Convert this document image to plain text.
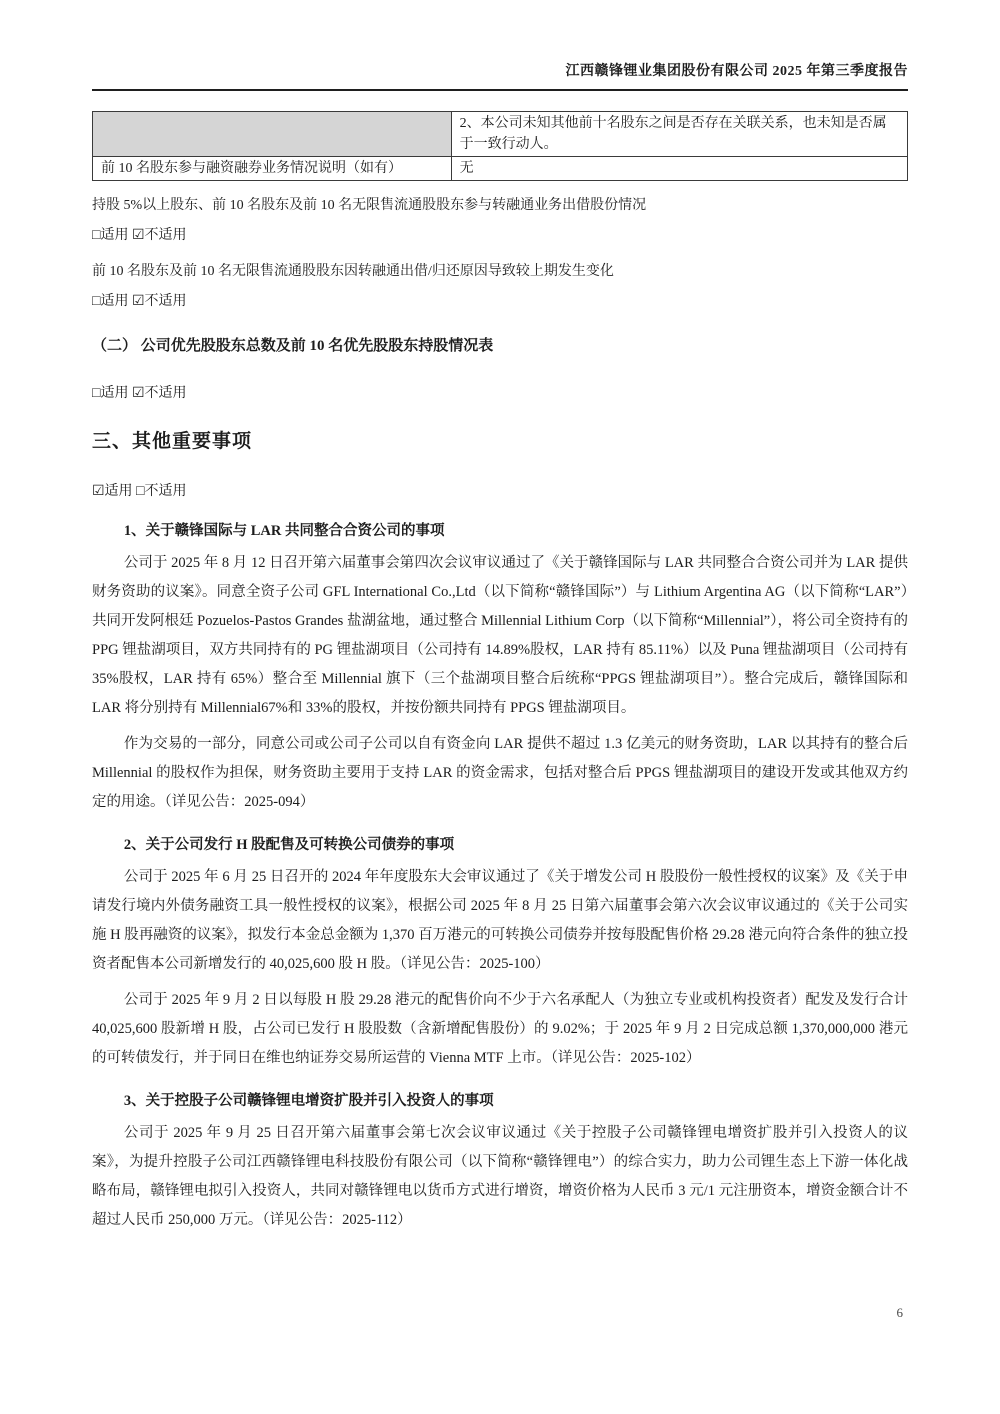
江西赣锋锂业集团股份有限公司 2025 年第三季度报告
	2、本公司未知其他前十名股东之间是否存在关联关系，也未知是否属于一致行动人。
前 10 名股东参与融资融券业务情况说明（如有）	无
持股 5%以上股东、前 10 名股东及前 10 名无限售流通股股东参与转融通业务出借股份情况
□适用 ☑不适用
前 10 名股东及前 10 名无限售流通股股东因转融通出借/归还原因导致较上期发生变化
□适用 ☑不适用
（二） 公司优先股股东总数及前 10 名优先股股东持股情况表
□适用 ☑不适用
三、其他重要事项
☑适用 □不适用
1、关于赣锋国际与 LAR 共同整合合资公司的事项
公司于 2025 年 8 月 12 日召开第六届董事会第四次会议审议通过了《关于赣锋国际与 LAR 共同整合合资公司并为 LAR 提供财务资助的议案》。同意全资子公司 GFL International Co.,Ltd（以下简称“赣锋国际”）与 Lithium Argentina AG（以下简称“LAR”）共同开发阿根廷 Pozuelos-Pastos Grandes 盐湖盆地，通过整合 Millennial Lithium Corp（以下简称“Millennial”），将公司全资持有的 PPG 锂盐湖项目，双方共同持有的 PG 锂盐湖项目（公司持有 14.89%股权，LAR 持有 85.11%）以及 Puna 锂盐湖项目（公司持有 35%股权，LAR 持有 65%）整合至 Millennial 旗下（三个盐湖项目整合后统称“PPGS 锂盐湖项目”）。整合完成后，赣锋国际和 LAR 将分别持有 Millennial67%和 33%的股权，并按份额共同持有 PPGS 锂盐湖项目。
作为交易的一部分，同意公司或公司子公司以自有资金向 LAR 提供不超过 1.3 亿美元的财务资助，LAR 以其持有的整合后 Millennial 的股权作为担保，财务资助主要用于支持 LAR 的资金需求，包括对整合后 PPGS 锂盐湖项目的建设开发或其他双方约定的用途。（详见公告：2025-094）
2、关于公司发行 H 股配售及可转换公司债券的事项
公司于 2025 年 6 月 25 日召开的 2024 年年度股东大会审议通过了《关于增发公司 H 股股份一般性授权的议案》及《关于申请发行境内外债务融资工具一般性授权的议案》，根据公司 2025 年 8 月 25 日第六届董事会第六次会议审议通过的《关于公司实施 H 股再融资的议案》，拟发行本金总金额为 1,370 百万港元的可转换公司债券并按每股配售价格 29.28 港元向符合条件的独立投资者配售本公司新增发行的 40,025,600 股 H 股。（详见公告：2025-100）
公司于 2025 年 9 月 2 日以每股 H 股 29.28 港元的配售价向不少于六名承配人（为独立专业或机构投资者）配发及发行合计 40,025,600 股新增 H 股，占公司已发行 H 股股数（含新增配售股份）的 9.02%；于 2025 年 9 月 2 日完成总额 1,370,000,000 港元的可转债发行，并于同日在维也纳证券交易所运营的 Vienna MTF 上市。（详见公告：2025-102）
3、关于控股子公司赣锋锂电增资扩股并引入投资人的事项
公司于 2025 年 9 月 25 日召开第六届董事会第七次会议审议通过《关于控股子公司赣锋锂电增资扩股并引入投资人的议案》，为提升控股子公司江西赣锋锂电科技股份有限公司（以下简称“赣锋锂电”）的综合实力，助力公司锂生态上下游一体化战略布局，赣锋锂电拟引入投资人，共同对赣锋锂电以货币方式进行增资，增资价格为人民币 3 元/1 元注册资本，增资金额合计不超过人民币 250,000 万元。（详见公告：2025-112）
6
